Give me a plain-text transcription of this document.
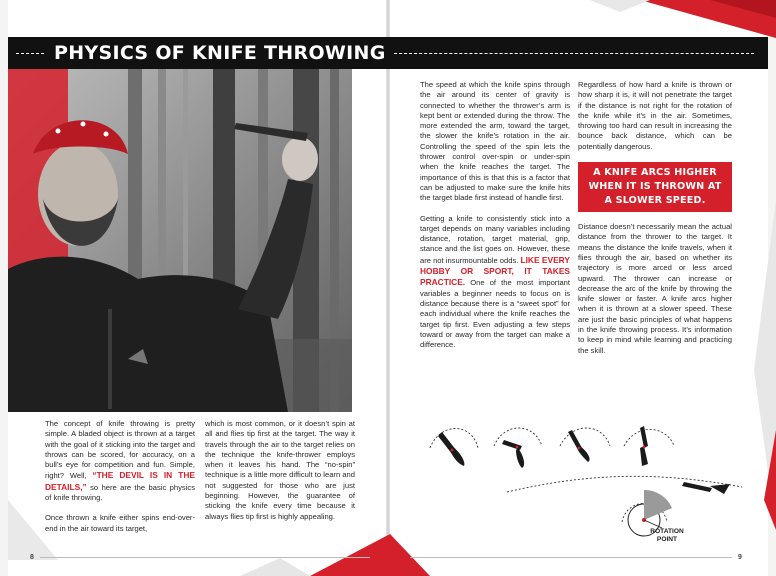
PHYSICS OF KNIFE THROWING

The concept of knife throwing is pretty simple. A bladed object is thrown at a target with the goal of it sticking into the target and throws can be scored, for accuracy, on a bull’s eye for competition and fun. Simple, right? Well, “THE DEVIL IS IN THE DETAILS,” so here are the basic physics of knife throwing.

Once thrown a knife either spins end-over-end in the air toward its target,

which is most common, or it doesn’t spin at all and flies tip first at the target. The way it travels through the air to the target relies on the technique the knife-thrower employs when it leaves his hand. The “no-spin” technique is a little more difficult to learn and not suggested for those who are just beginning. However, the guarantee of sticking the knife every time because it always flies tip first is highly appealing.

The speed at which the knife spins through the air around its center of gravity is connected to whether the thrower’s arm is kept bent or extended during the throw. The more extended the arm, toward the target, the slower the knife’s rotation in the air. Controlling the speed of the spin lets the thrower control over-spin or under-spin when the knife reaches the target. The importance of this is that this is a factor that can be adjusted to make sure the knife hits the target blade first instead of handle first.

Getting a knife to consistently stick into a target depends on many variables including distance, rotation, target material, grip, stance and the list goes on. However, these are not insurmountable odds. LIKE EVERY HOBBY OR SPORT, IT TAKES PRACTICE. One of the most important variables a beginner needs to focus on is distance because there is a “sweet spot” for each individual where the knife reaches the target tip first. Even adjusting a few steps toward or away from the target can make a difference.

Regardless of how hard a knife is thrown or how sharp it is, it will not penetrate the target if the distance is not right for the rotation of the knife while it’s in the air. Sometimes, throwing too hard can result in increasing the bounce back distance, which can be potentially dangerous.

A KNIFE ARCS HIGHER WHEN IT IS THROWN AT A SLOWER SPEED.

Distance doesn’t necessarily mean the actual distance from the thrower to the target. It means the distance the knife travels, when it flies through the air, based on whether its trajectory is more arced or less arced upward. The thrower can increase or decrease the arc of the knife by throwing the knife slower or faster. A knife arcs higher when it is thrown at a slower speed. These are just the basic principles of what happens in the knife throwing process. It’s information to keep in mind while learning and practicing the skill.

ROTATION
POINT
8	9
